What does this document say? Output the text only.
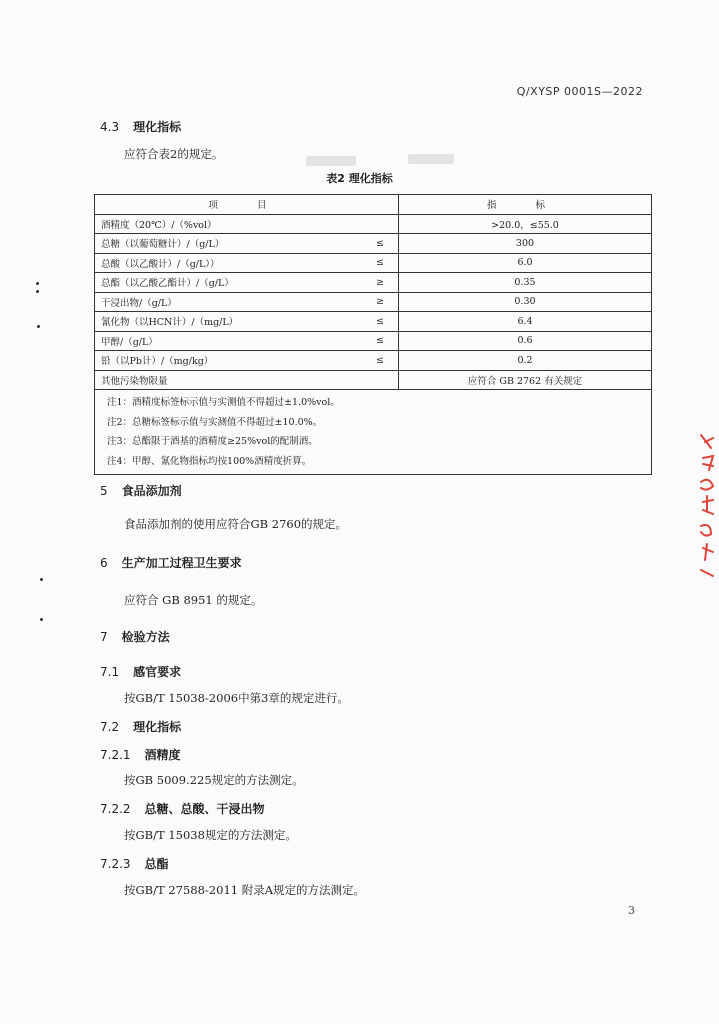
Q/XYSP 0001S—2022
4.3 理化指标
应符合表2的规定。
表2 理化指标
项 目		指 标
酒精度（20℃）/（%vol）		>20.0，≤55.0
总糖（以葡萄糖计）/（g/L）	≤	300
总酸（以乙酸计）/（g/L））	≤	6.0
总酯（以乙酸乙酯计）/（g/L）	≥	0.35
干浸出物/（g/L）	≥	0.30
氰化物（以HCN计）/（mg/L）	≤	6.4
甲醇/（g/L）	≤	0.6
铅（以Pb计）/（mg/kg）	≤	0.2
其他污染物限量		应符合 GB 2762 有关规定

注1：酒精度标签标示值与实测值不得超过±1.0%vol。
注2：总糖标签标示值与实测值不得超过±10.0%。
注3：总酯限于酒基的酒精度≥25%vol的配制酒。
注4：甲醇、氰化物指标均按100%酒精度折算。		
5 食品添加剂
食品添加剂的使用应符合GB 2760的规定。
6 生产加工过程卫生要求
应符合 GB 8951 的规定。
7 检验方法
7.1 感官要求
按GB/T 15038-2006中第3章的规定进行。
7.2 理化指标
7.2.1 酒精度
按GB 5009.225规定的方法测定。
7.2.2 总糖、总酸、干浸出物
按GB/T 15038规定的方法测定。
7.2.3 总酯
按GB/T 27588-2011 附录A规定的方法测定。
3
